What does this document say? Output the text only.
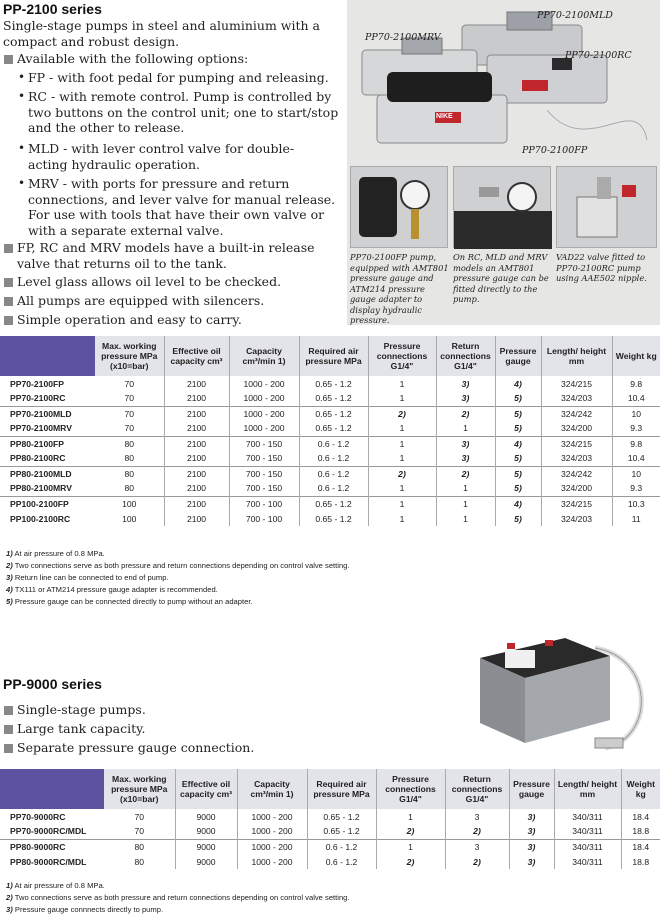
PP-2100 series
Single-stage pumps in steel and aluminium with a compact and robust design.
Available with the following options:
• FP - with foot pedal for pumping and releasing.
• RC - with remote control. Pump is controlled by two buttons on the control unit; one to start/stop and the other to release.
• MLD - with lever control valve for double-acting hydraulic operation.
• MRV - with ports for pressure and return connections, and lever valve for manual release. For use with tools that have their own valve or with a separate external valve.
FP, RC and MRV models have a built-in release valve that returns oil to the tank.
Level glass allows oil level to be checked.
All pumps are equipped with silencers.
Simple operation and easy to carry.
NIKE
PP70-2100MLD
PP70-2100MRV
PP70-2100RC
PP70-2100FP
PP70-2100FP pump, equipped with AMT801 pressure gauge and ATM214 pressure gauge adapter to display hydraulic pressure.
On RC, MLD and MRV models an AMT801 pressure gauge can be fitted directly to the pump.
VAD22 valve fitted to PP70-2100RC pump using AAE502 nipple.
	Max. working pressure MPa (x10=bar)	Effective oil capacity cm³	Capacity cm³/min 1)	Required air pressure MPa	Pressure connections G1/4"	Return connections G1/4"	Pressure gauge	Length/ height mm	Weight kg
PP70-2100FP	70	2100	1000 - 200	0.65 - 1.2	1	3)	4)	324/215	9.8
PP70-2100RC	70	2100	1000 - 200	0.65 - 1.2	1	3)	5)	324/203	10.4
PP70-2100MLD	70	2100	1000 - 200	0.65 - 1.2	2)	2)	5)	324/242	10
PP70-2100MRV	70	2100	1000 - 200	0.65 - 1.2	1	1	5)	324/200	9.3
PP80-2100FP	80	2100	700 - 150	0.6 - 1.2	1	3)	4)	324/215	9.8
PP80-2100RC	80	2100	700 - 150	0.6 - 1.2	1	3)	5)	324/203	10.4
PP80-2100MLD	80	2100	700 - 150	0.6 - 1.2	2)	2)	5)	324/242	10
PP80-2100MRV	80	2100	700 - 150	0.6 - 1.2	1	1	5)	324/200	9.3
PP100-2100FP	100	2100	700 - 100	0.65 - 1.2	1	1	4)	324/215	10.3
PP100-2100RC	100	2100	700 - 100	0.65 - 1.2	1	1	5)	324/203	11
1) At air pressure of 0.8 MPa.
2) Two connections serve as both pressure and return connections depending on control valve setting.
3) Return line can be connected to end of pump.
4) TX111 or ATM214 pressure gauge adapter is recommended.
5) Pressure gauge can be connected directly to pump without an adapter.
PP-9000 series
Single-stage pumps.
Large tank capacity.
Separate pressure gauge connection.
	Max. working pressure MPa (x10=bar)	Effective oil capacity cm³	Capacity cm³/min 1)	Required air pressure MPa	Pressure connections G1/4"	Return connections G1/4"	Pressure gauge	Length/ height mm	Weight kg
PP70-9000RC	70	9000	1000 - 200	0.65 - 1.2	1	3	3)	340/311	18.4
PP70-9000RC/MDL	70	9000	1000 - 200	0.65 - 1.2	2)	2)	3)	340/311	18.8
PP80-9000RC	80	9000	1000 - 200	0.6 - 1.2	1	3	3)	340/311	18.4
PP80-9000RC/MDL	80	9000	1000 - 200	0.6 - 1.2	2)	2)	3)	340/311	18.8
1) At air pressure of 0.8 MPa.
2) Two connections serve as both pressure and return connections depending on control valve setting.
3) Pressure gauge connnects directly to pump.
